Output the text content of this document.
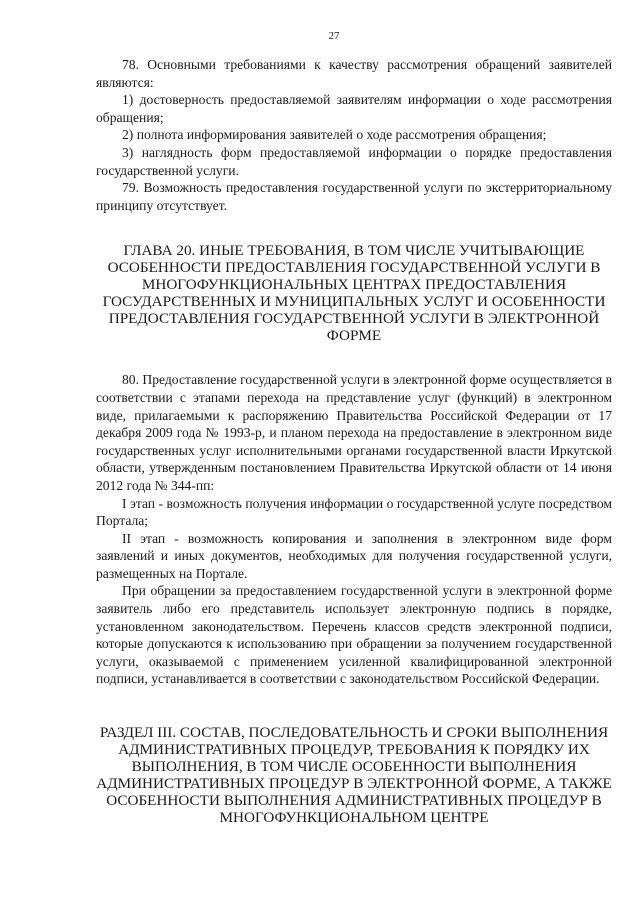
27

78. Основными требованиями к качеству рассмотрения обращений заявителей являются:

1) достоверность предоставляемой заявителям информации о ходе рассмотрения обращения;

2) полнота информирования заявителей о ходе рассмотрения обращения;

3) наглядность форм предоставляемой информации о порядке предоставления государственной услуги.

79. Возможность предоставления государственной услуги по экстерриториальному принципу отсутствует.

ГЛАВА 20. ИНЫЕ ТРЕБОВАНИЯ, В ТОМ ЧИСЛЕ УЧИТЫВАЮЩИЕ ОСОБЕННОСТИ ПРЕДОСТАВЛЕНИЯ ГОСУДАРСТВЕННОЙ УСЛУГИ В МНОГОФУНКЦИОНАЛЬНЫХ ЦЕНТРАХ ПРЕДОСТАВЛЕНИЯ ГОСУДАРСТВЕННЫХ И МУНИЦИПАЛЬНЫХ УСЛУГ И ОСОБЕННОСТИ ПРЕДОСТАВЛЕНИЯ ГОСУДАРСТВЕННОЙ УСЛУГИ В ЭЛЕКТРОННОЙ ФОРМЕ

80. Предоставление государственной услуги в электронной форме осуществляется в соответствии с этапами перехода на представление услуг (функций) в электронном виде, прилагаемыми к распоряжению Правительства Российской Федерации от 17 декабря 2009 года № 1993-р, и планом перехода на предоставление в электронном виде государственных услуг исполнительными органами государственной власти Иркутской области, утвержденным постановлением Правительства Иркутской области от 14 июня 2012 года № 344-пп:

I этап - возможность получения информации о государственной услуге посредством Портала;

II этап - возможность копирования и заполнения в электронном виде форм заявлений и иных документов, необходимых для получения государственной услуги, размещенных на Портале.

При обращении за предоставлением государственной услуги в электронной форме заявитель либо его представитель использует электронную подпись в порядке, установленном законодательством. Перечень классов средств электронной подписи, которые допускаются к использованию при обращении за получением государственной услуги, оказываемой с применением усиленной квалифицированной электронной подписи, устанавливается в соответствии с законодательством Российской Федерации.

РАЗДЕЛ III. СОСТАВ, ПОСЛЕДОВАТЕЛЬНОСТЬ И СРОКИ ВЫПОЛНЕНИЯ АДМИНИСТРАТИВНЫХ ПРОЦЕДУР, ТРЕБОВАНИЯ К ПОРЯДКУ ИХ ВЫПОЛНЕНИЯ, В ТОМ ЧИСЛЕ ОСОБЕННОСТИ ВЫПОЛНЕНИЯ АДМИНИСТРАТИВНЫХ ПРОЦЕДУР В ЭЛЕКТРОННОЙ ФОРМЕ, А ТАКЖЕ ОСОБЕННОСТИ ВЫПОЛНЕНИЯ АДМИНИСТРАТИВНЫХ ПРОЦЕДУР В МНОГОФУНКЦИОНАЛЬНОМ ЦЕНТРЕ
